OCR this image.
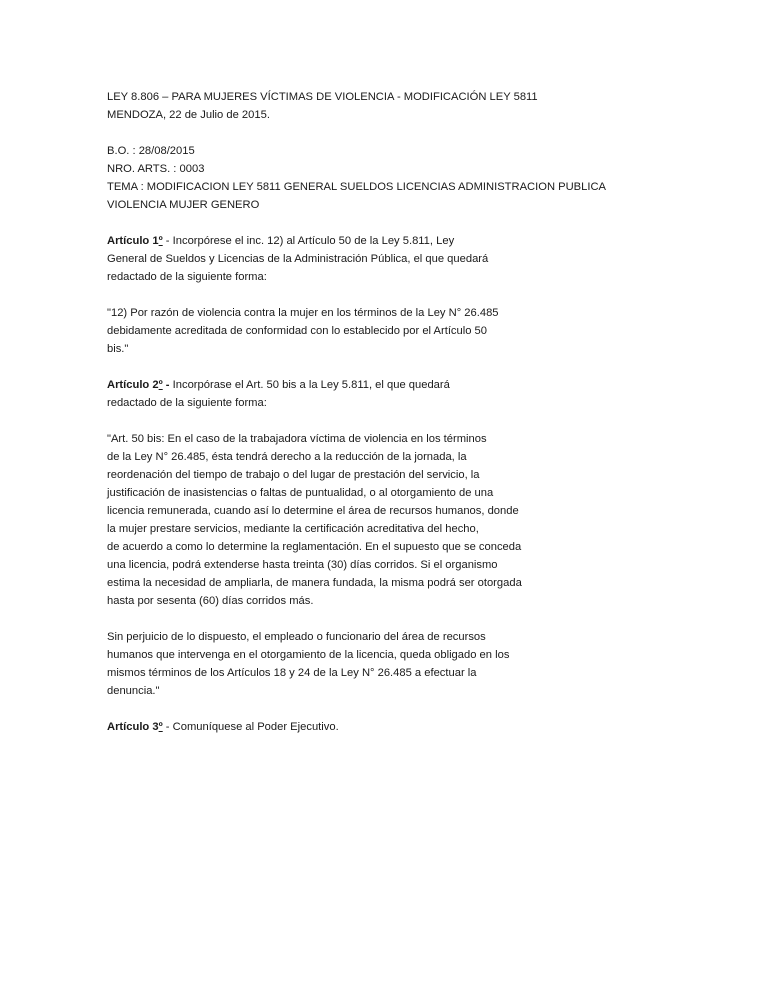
LEY 8.806 – PARA MUJERES VÍCTIMAS DE VIOLENCIA - MODIFICACIÓN LEY 5811
MENDOZA, 22 de Julio de 2015.
B.O. : 28/08/2015
NRO. ARTS. : 0003
TEMA : MODIFICACION LEY 5811 GENERAL SUELDOS LICENCIAS ADMINISTRACION PUBLICA
VIOLENCIA MUJER GENERO
Artículo 1º - Incorpórese el inc. 12) al Artículo 50 de la Ley 5.811, Ley
General de Sueldos y Licencias de la Administración Pública, el que quedará
redactado de la siguiente forma:
"12) Por razón de violencia contra la mujer en los términos de la Ley N° 26.485
debidamente acreditada de conformidad con lo establecido por el Artículo 50
bis."
Artículo 2º - Incorpórase el Art. 50 bis a la Ley 5.811, el que quedará
redactado de la siguiente forma:
"Art. 50 bis: En el caso de la trabajadora víctima de violencia en los términos
de la Ley N° 26.485, ésta tendrá derecho a la reducción de la jornada, la
reordenación del tiempo de trabajo o del lugar de prestación del servicio, la
justificación de inasistencias o faltas de puntualidad, o al otorgamiento de una
licencia remunerada, cuando así lo determine el área de recursos humanos, donde
la mujer prestare servicios, mediante la certificación acreditativa del hecho,
de acuerdo a como lo determine la reglamentación. En el supuesto que se conceda
una licencia, podrá extenderse hasta treinta (30) días corridos. Si el organismo
estima la necesidad de ampliarla, de manera fundada, la misma podrá ser otorgada
hasta por sesenta (60) días corridos más.
Sin perjuicio de lo dispuesto, el empleado o funcionario del área de recursos
humanos que intervenga en el otorgamiento de la licencia, queda obligado en los
mismos términos de los Artículos 18 y 24 de la Ley N° 26.485 a efectuar la
denuncia."
Artículo 3º - Comuníquese al Poder Ejecutivo.
